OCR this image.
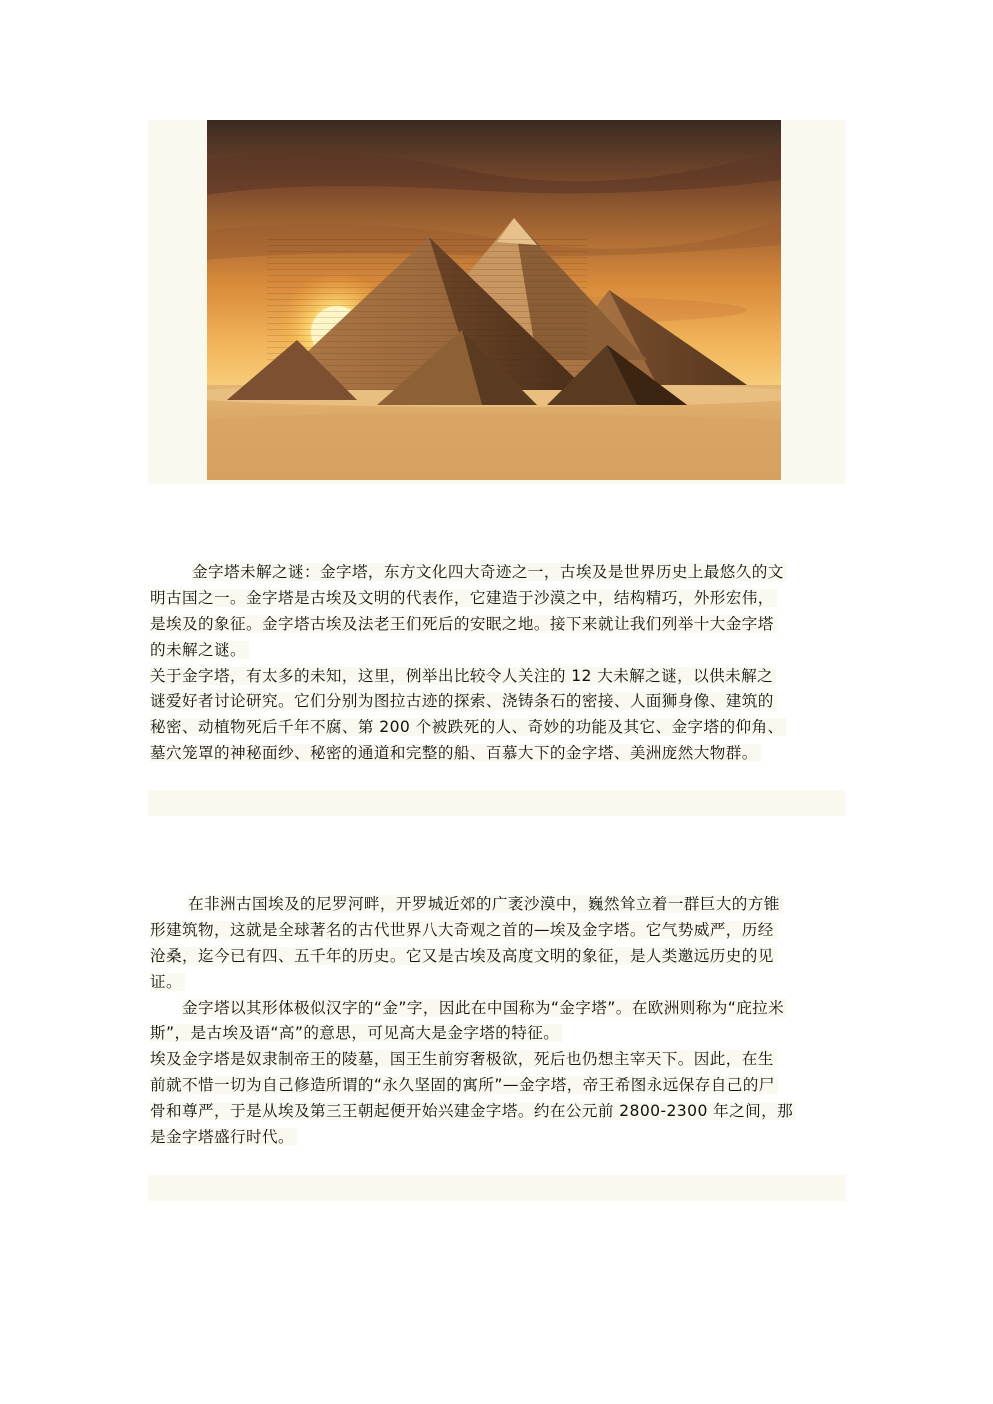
金字塔未解之谜：金字塔，东方文化四大奇迹之一，古埃及是世界历史上最悠久的文
明古国之一。金字塔是古埃及文明的代表作，它建造于沙漠之中，结构精巧，外形宏伟，
是埃及的象征。金字塔古埃及法老王们死后的安眠之地。接下来就让我们列举十大金字塔
的未解之谜。
关于金字塔，有太多的未知，这里，例举出比较令人关注的 12 大未解之谜，以供未解之
谜爱好者讨论研究。它们分别为图拉古迹的探索、浇铸条石的密接、人面狮身像、建筑的
秘密、动植物死后千年不腐、第 200 个被跌死的人、奇妙的功能及其它、金字塔的仰角、
墓穴笼罩的神秘面纱、秘密的通道和完整的船、百慕大下的金字塔、美洲庞然大物群。
在非洲古国埃及的尼罗河畔，开罗城近郊的广袤沙漠中，巍然耸立着一群巨大的方锥
形建筑物，这就是全球著名的古代世界八大奇观之首的—埃及金字塔。它气势威严，历经
沧桑，迄今已有四、五千年的历史。它又是古埃及高度文明的象征，是人类邀远历史的见
证。
金字塔以其形体极似汉字的“金”字，因此在中国称为“金字塔”。在欧洲则称为“庇拉米
斯”，是古埃及语“高”的意思，可见高大是金字塔的特征。
埃及金字塔是奴隶制帝王的陵墓，国王生前穷奢极欲，死后也仍想主宰天下。因此，在生
前就不惜一切为自己修造所谓的“永久坚固的寓所”—金字塔，帝王希图永远保存自己的尸
骨和尊严，于是从埃及第三王朝起便开始兴建金字塔。约在公元前 2800-2300 年之间，那
是金字塔盛行时代。
